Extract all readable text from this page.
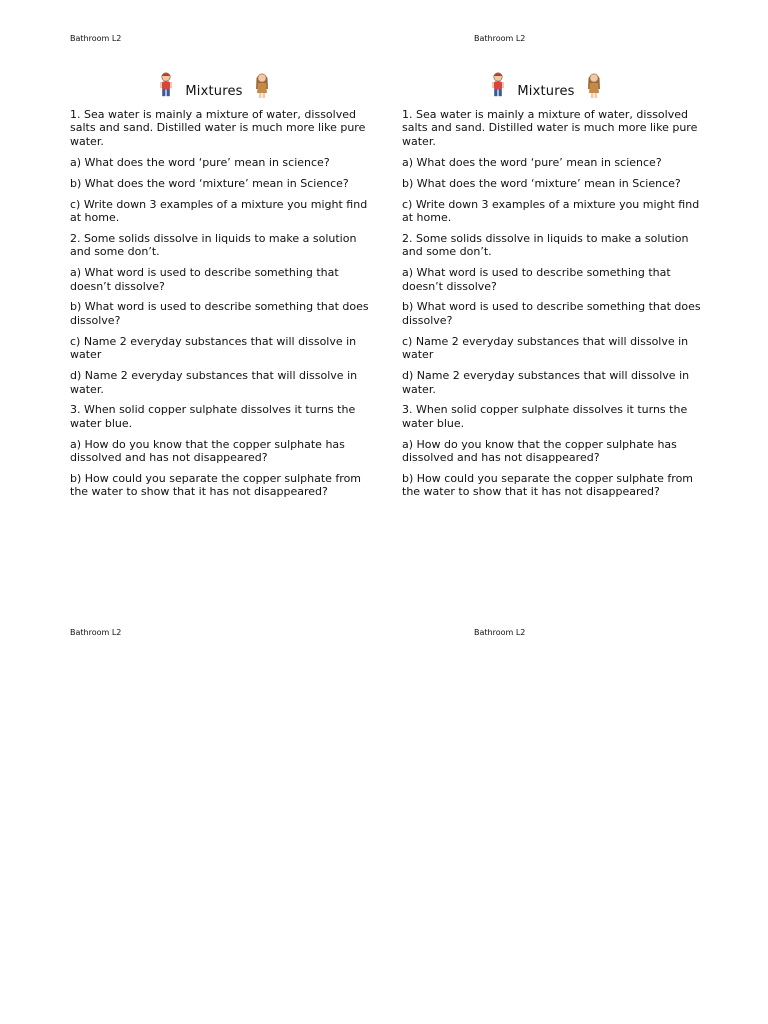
Bathroom L2	Bathroom L2
Bathroom L2	Bathroom L2
Mixtures

1. Sea water is mainly a mixture of water, dissolved salts and sand. Distilled water is much more like pure water.

a) What does the word ‘pure’ mean in science?

b) What does the word ‘mixture’ mean in Science?

c) Write down 3 examples of a mixture you might find at home.

2. Some solids dissolve in liquids to make a solution and some don’t.

a) What word is used to describe something that doesn’t dissolve?

b) What word is used to describe something that does dissolve?

c) Name 2 everyday substances that will dissolve in water

d) Name 2 everyday substances that will dissolve in water.

3. When solid copper sulphate dissolves it turns the water blue.

a) How do you know that the copper sulphate has dissolved and has not disappeared?

b) How could you separate the copper sulphate from the water to show that it has not disappeared?

Mixtures

1. Sea water is mainly a mixture of water, dissolved salts and sand. Distilled water is much more like pure water.

a) What does the word ‘pure’ mean in science?

b) What does the word ‘mixture’ mean in Science?

c) Write down 3 examples of a mixture you might find at home.

2. Some solids dissolve in liquids to make a solution and some don’t.

a) What word is used to describe something that doesn’t dissolve?

b) What word is used to describe something that does dissolve?

c) Name 2 everyday substances that will dissolve in water

d) Name 2 everyday substances that will dissolve in water.

3. When solid copper sulphate dissolves it turns the water blue.

a) How do you know that the copper sulphate has dissolved and has not disappeared?

b) How could you separate the copper sulphate from the water to show that it has not disappeared?
